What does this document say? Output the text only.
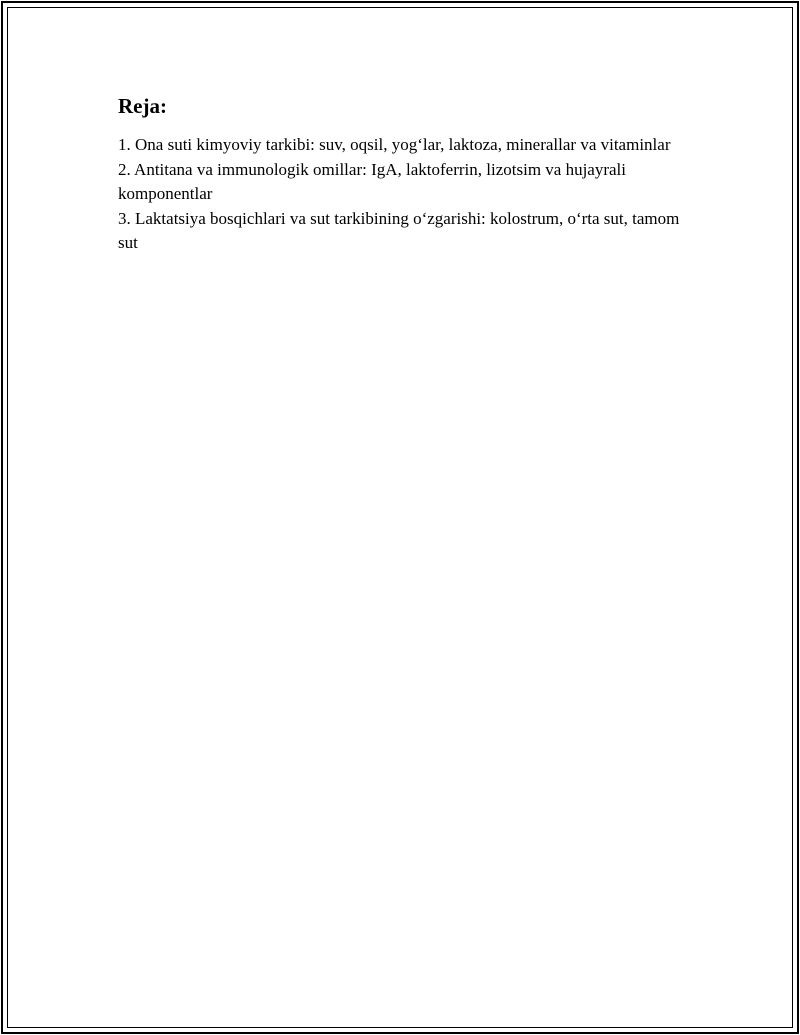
Reja:
1. Ona suti kimyoviy tarkibi: suv, oqsil, yog‘lar, laktoza, minerallar va vitaminlar
2. Antitana va immunologik omillar: IgA, laktoferrin, lizotsim va hujayrali komponentlar
3. Laktatsiya bosqichlari va sut tarkibining o‘zgarishi: kolostrum, o‘rta sut, tamom sut
